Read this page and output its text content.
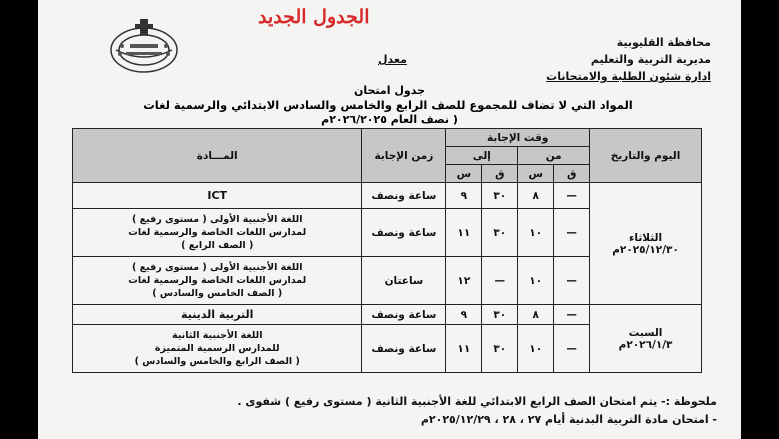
الجدول الجديد
محافظة القليوبية
مديرية التربية والتعليم
ادارة شئون الطلبة والامتحانات
معدل
جدول امتحان
المواد التي لا تضاف للمجموع للصف الرابع والخامس والسادس الابتدائي والرسمية لغات
( نصف العام ٢٠٢٦/٢٠٢٥م
اليوم والتاريخ	وقت الإجابة				زمن الإجابة	المـــادة
	من		إلى			
	ق	س	ق	س		

الثلاثاء
٢٠٢٥/١٢/٣٠م	—	٨	٣٠	٩	ساعة ونصف	ICT
	—	١٠	٣٠	١١	ساعة ونصف	اللغة الأجنبية الأولى ( مستوى رفيع )
لمدارس اللغات الخاصة والرسمية لغات
( الصف الرابع )
	—	١٠	—	١٢	ساعتان	اللغة الأجنبية الأولى ( مستوى رفيع )
لمدارس اللغات الخاصة والرسمية لغات
( الصف الخامس والسادس )

السبت
٢٠٢٦/١/٣م	—	٨	٣٠	٩	ساعة ونصف	التربية الدينية
	—	١٠	٣٠	١١	ساعة ونصف	اللغة الأجنبية الثانية
للمدارس الرسمية المتميزة
( الصف الرابع والخامس والسادس )
ملحوظة :- يتم امتحان الصف الرابع الابتدائي للغة الأجنبية الثانية ( مستوى رفيع ) شفوى .
- امتحان مادة التربية البدنية أيام ٢٧ ، ٢٨ ، ٢٠٢٥/١٢/٢٩م
